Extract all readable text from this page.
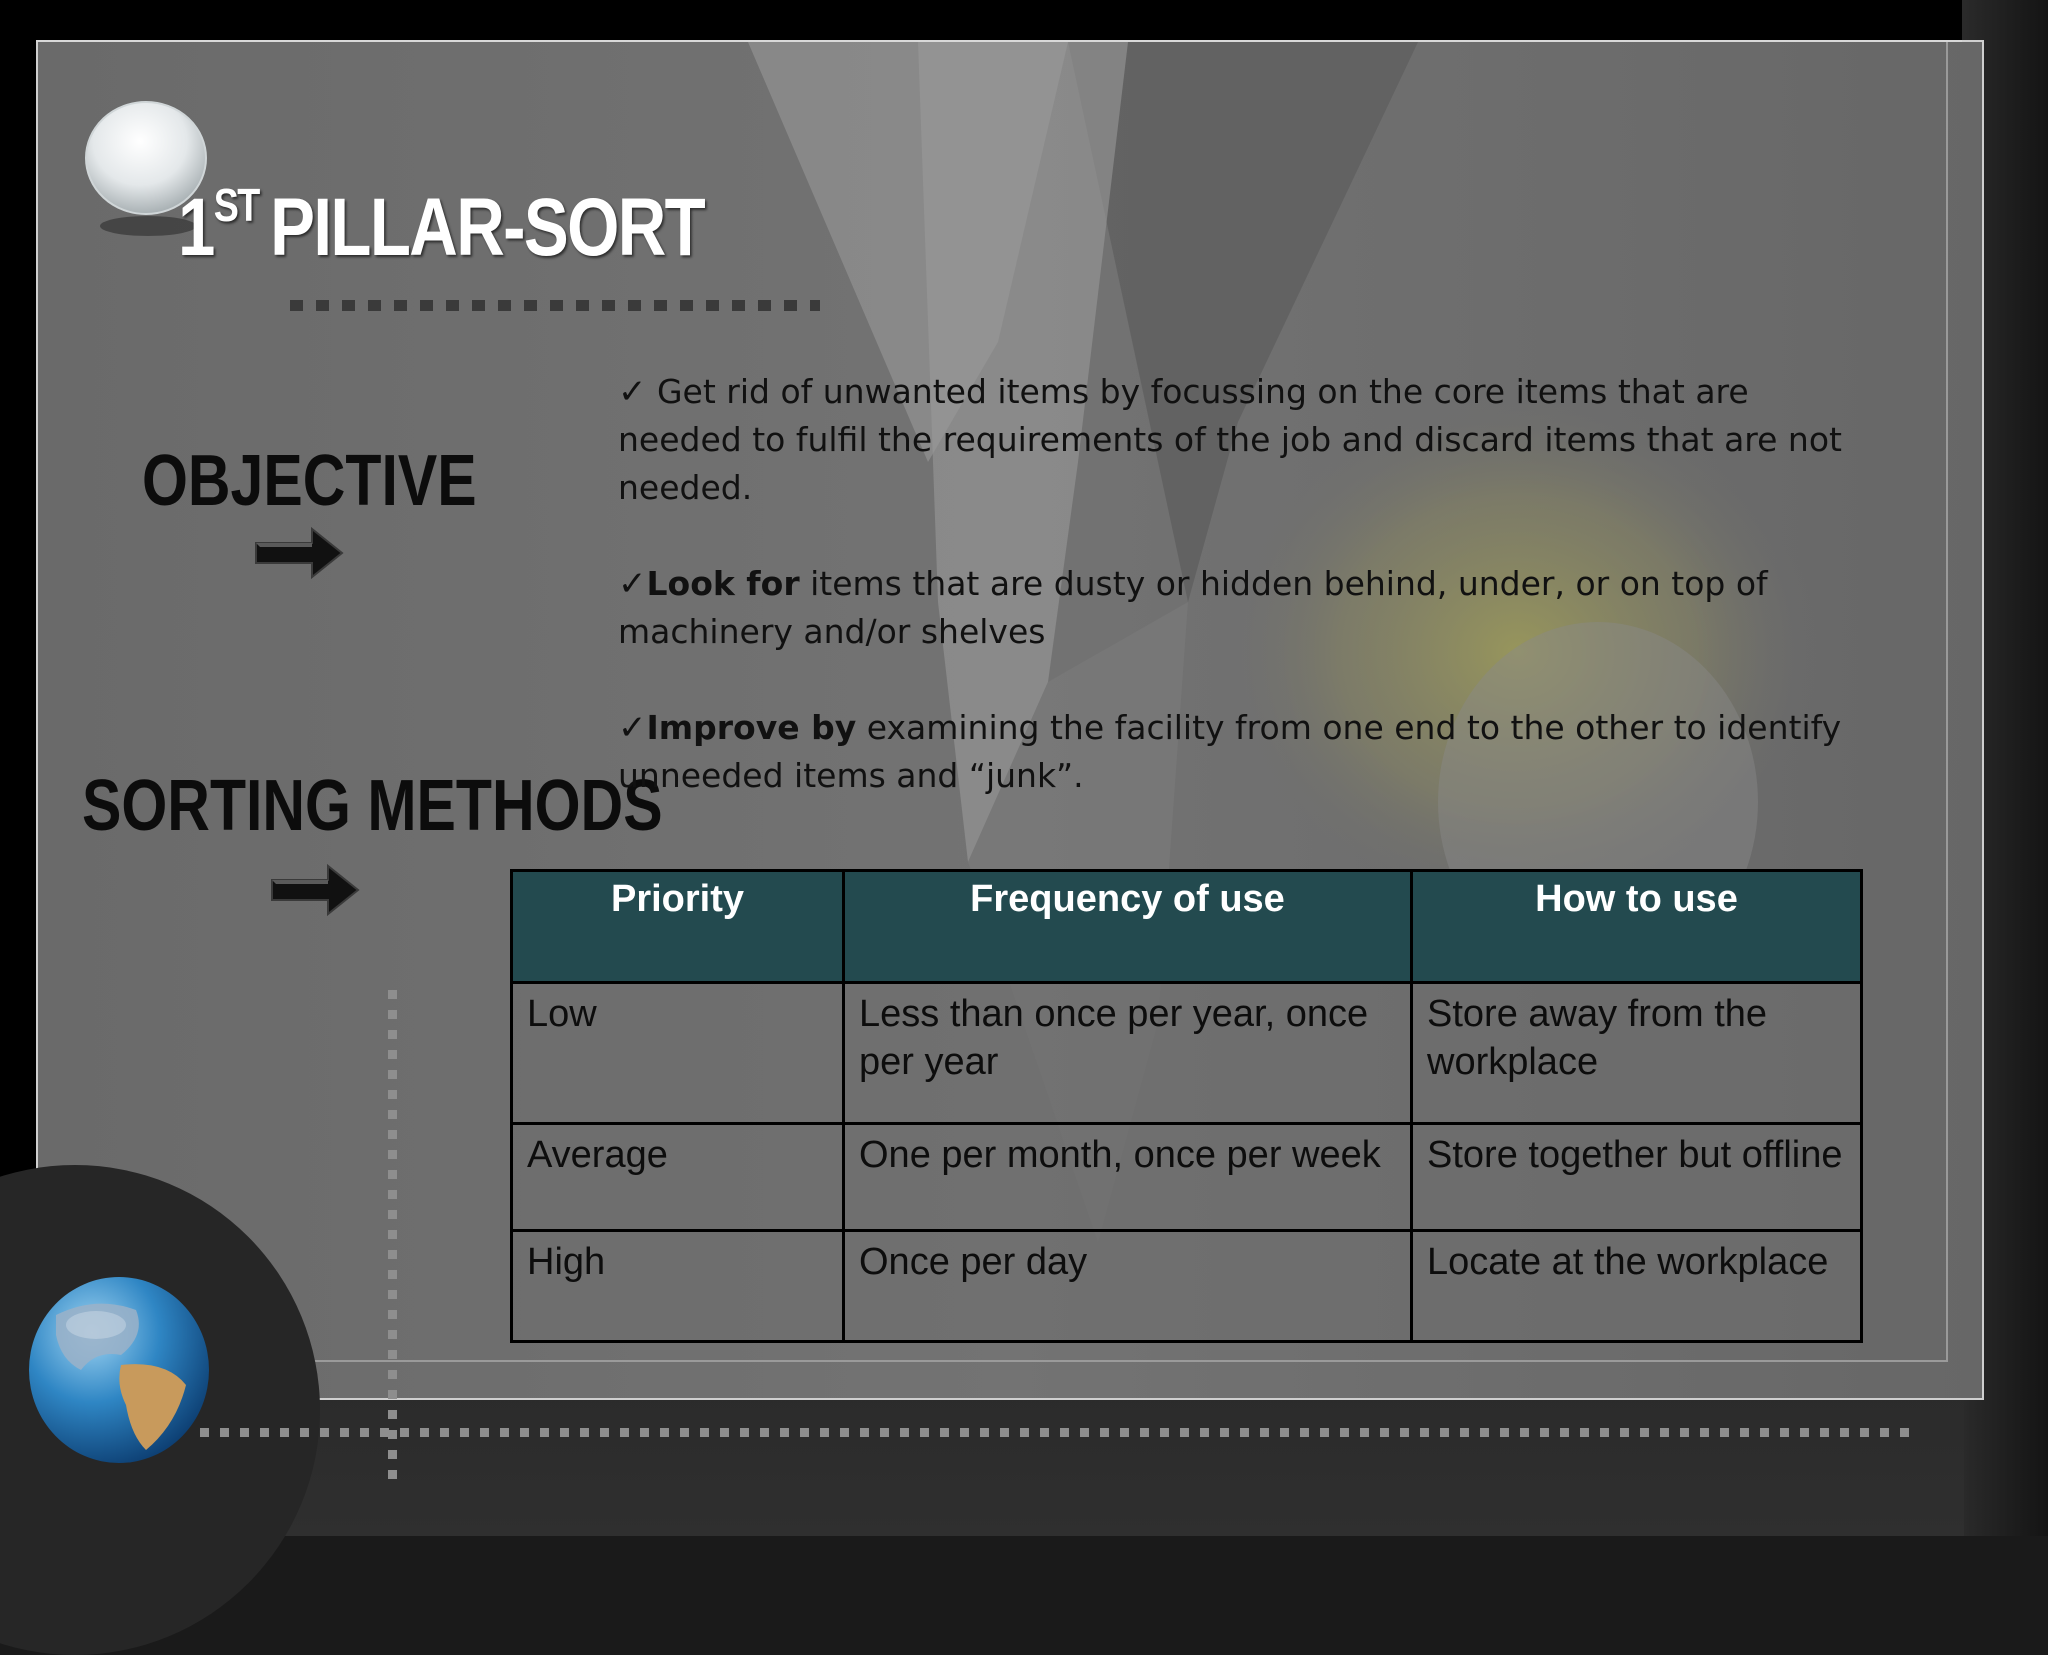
1ST PILLAR-SORT
OBJECTIVE
SORTING METHODS

✓ Get rid of unwanted items by focussing on the core items that are needed to fulfil the requirements of the job and discard items that are not needed.

✓Look for items that are dusty or hidden behind, under, or on top of machinery and/or shelves

✓Improve by examining the facility from one end to the other to identify unneeded items and “junk”.

Priority	Frequency of use	How to use
Low	Less than once per year, once per year	Store away from the workplace
Average	One per month, once per week	Store together but offline
High	Once per day	Locate at the workplace
